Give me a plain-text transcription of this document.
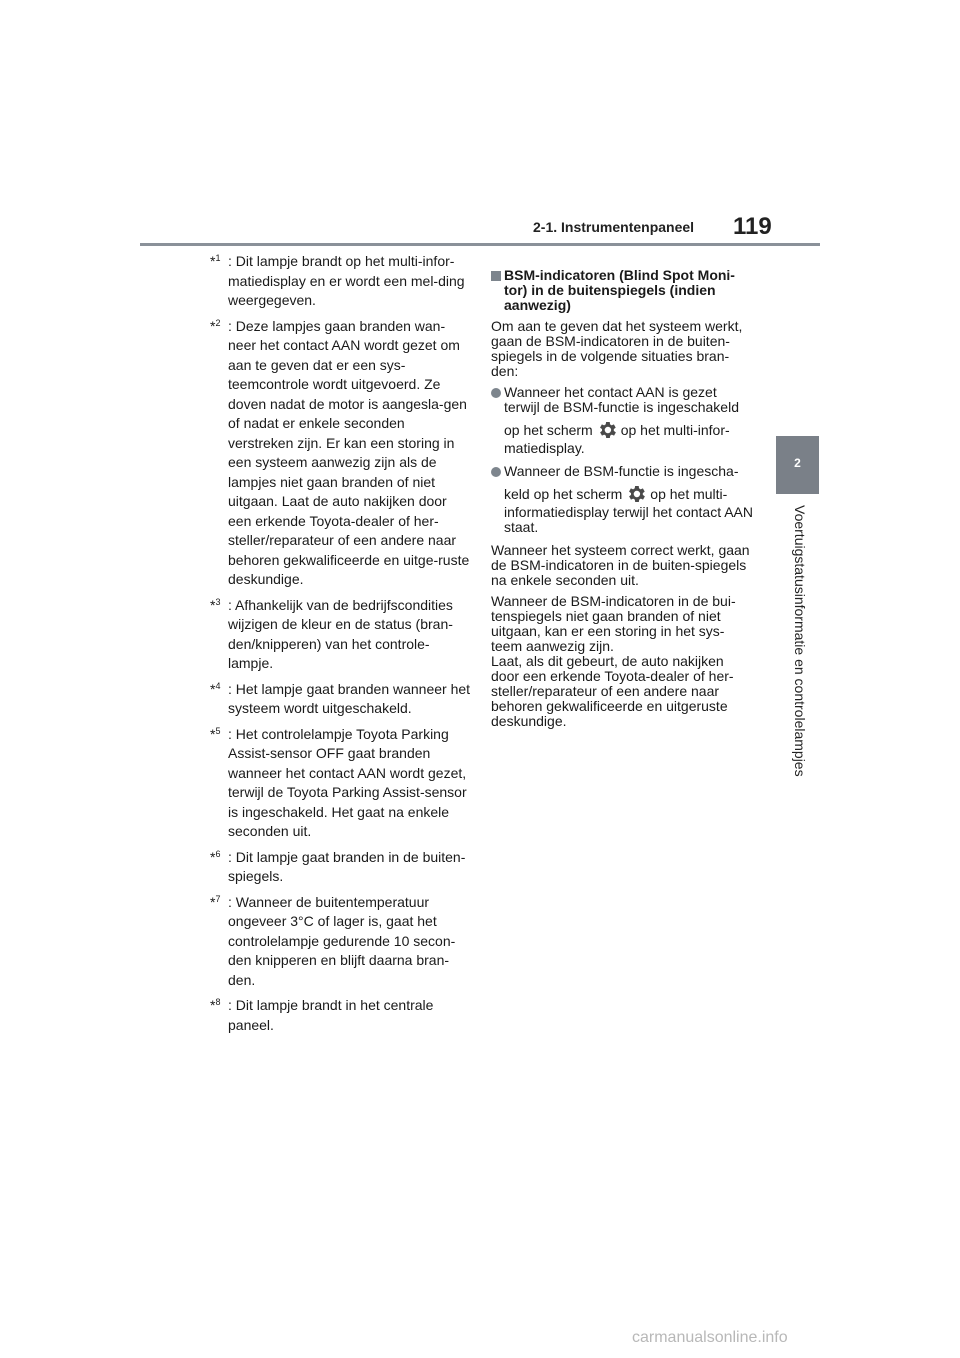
2-1. Instrumentenpaneel 119
2
Voertuigstatusinformatie en controlelampjes
*$^1$ : Dit lampje brandt op het multi-infor-matiedisplay en er wordt een mel-ding weergegeven.
*$^2$ : Deze lampjes gaan branden wan-neer het contact AAN wordt gezet om aan te geven dat er een sys-teemcontrole wordt uitgevoerd. Ze doven nadat de motor is aangesla-gen of nadat er enkele seconden verstreken zijn. Er kan een storing in een systeem aanwezig zijn als de lampjes niet gaan branden of niet uitgaan. Laat de auto nakijken door een erkende Toyota-dealer of her-steller/reparateur of een andere naar behoren gekwalificeerde en uitge-ruste deskundige.
*$^3$ : Afhankelijk van de bedrijfscondities wijzigen de kleur en de status (bran-den/knipperen) van het controle-lampje.
*$^4$ : Het lampje gaat branden wanneer het systeem wordt uitgeschakeld.
*$^5$ : Het controlelampje Toyota Parking Assist-sensor OFF gaat branden wanneer het contact AAN wordt gezet, terwijl de Toyota Parking Assist-sensor is ingeschakeld. Het gaat na enkele seconden uit.
*$^6$ : Dit lampje gaat branden in de buiten-spiegels.
*$^7$ : Wanneer de buitentemperatuur ongeveer 3°C of lager is, gaat het controlelampje gedurende 10 secon-den knipperen en blijft daarna bran-den.
*$^8$ : Dit lampje brandt in het centrale paneel.
BSM-indicatoren (Blind Spot Moni-tor) in de buitenspiegels (indien aanwezig)

Om aan te geven dat het systeem werkt, gaan de BSM-indicatoren in de buiten-spiegels in de volgende situaties bran-den:

Wanneer het contact AAN is gezet terwijl de BSM-functie is ingeschakeld
op het scherm op het multi-infor-matiedisplay.
Wanneer de BSM-functie is ingescha-
keld op het scherm op het multi-informatiedisplay terwijl het contact AAN staat.

Wanneer het systeem correct werkt, gaan de BSM-indicatoren in de buiten-spiegels na enkele seconden uit.

Wanneer de BSM-indicatoren in de bui-tenspiegels niet gaan branden of niet uitgaan, kan er een storing in het sys-teem aanwezig zijn.

Laat, als dit gebeurt, de auto nakijken door een erkende Toyota-dealer of her-steller/reparateur of een andere naar behoren gekwalificeerde en uitgeruste deskundige.

carmanualsonline.info
